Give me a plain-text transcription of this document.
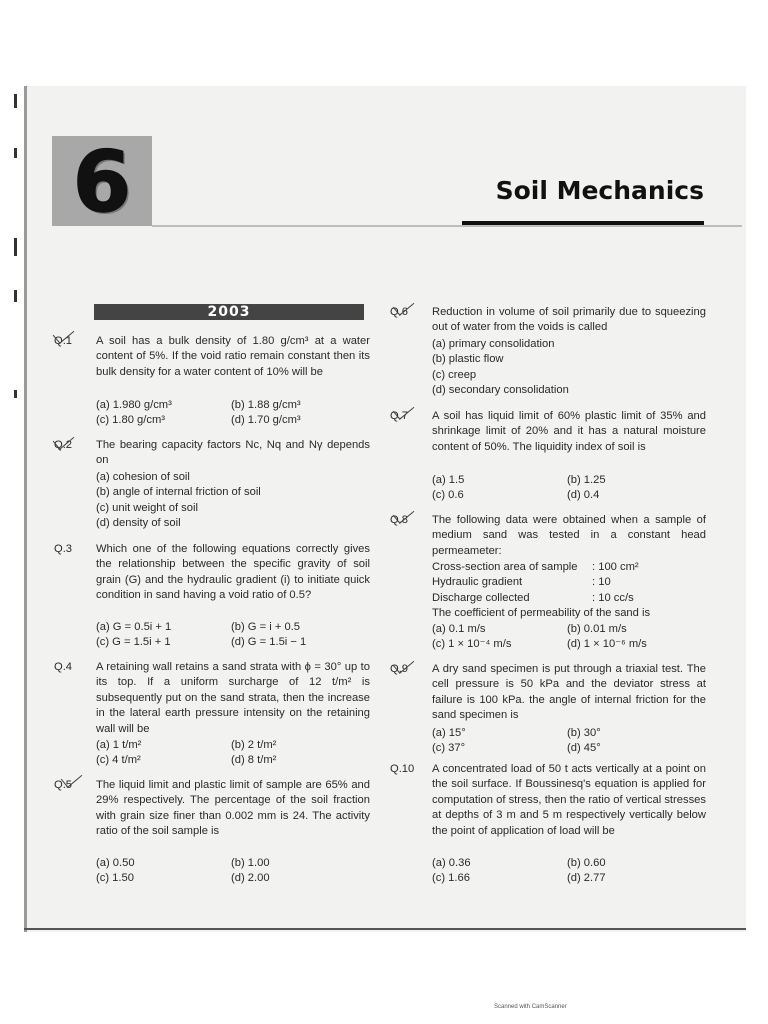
6	Soil Mechanics
2003
Q.1 A soil has a bulk density of 1.80 g/cm³ at a water content of 5%. If the void ratio remain constant then its bulk density for a water content of 10% will be
(a) 1.980 g/cm³	(b) 1.88 g/cm³
(c) 1.80 g/cm³	(d) 1.70 g/cm³
Q.2 The bearing capacity factors Nc, Nq and Nγ depends on
(a) cohesion of soil
(b) angle of internal friction of soil
(c) unit weight of soil
(d) density of soil
Q.3 Which one of the following equations correctly gives the relationship between the specific gravity of soil grain (G) and the hydraulic gradient (i) to initiate quick condition in sand having a void ratio of 0.5?
(a) G = 0.5i + 1	(b) G = i + 0.5
(c) G = 1.5i + 1	(d) G = 1.5i − 1
Q.4 A retaining wall retains a sand strata with ϕ = 30° up to its top. If a uniform surcharge of 12 t/m² is subsequently put on the sand strata, then the increase in the lateral earth pressure intensity on the retaining wall will be
(a) 1 t/m²	(b) 2 t/m²
(c) 4 t/m²	(d) 8 t/m²
Q.5 The liquid limit and plastic limit of sample are 65% and 29% respectively. The percentage of the soil fraction with grain size finer than 0.002 mm is 24. The activity ratio of the soil sample is
(a) 0.50	(b) 1.00
(c) 1.50	(d) 2.00
Q.6 Reduction in volume of soil primarily due to squeezing out of water from the voids is called
(a) primary consolidation
(b) plastic flow
(c) creep
(d) secondary consolidation
Q.7 A soil has liquid limit of 60% plastic limit of 35% and shrinkage limit of 20% and it has a natural moisture content of 50%. The liquidity index of soil is
(a) 1.5	(b) 1.25
(c) 0.6	(d) 0.4
Q.8 The following data were obtained when a sample of medium sand was tested in a constant head permeameter:
Cross-section area of sample	: 100 cm²
Hydraulic gradient	: 10
Discharge collected	: 10 cc/s
The coefficient of permeability of the sand is
(a) 0.1 m/s	(b) 0.01 m/s
(c) 1 × 10⁻⁴ m/s	(d) 1 × 10⁻⁶ m/s
Q.9 A dry sand specimen is put through a triaxial test. The cell pressure is 50 kPa and the deviator stress at failure is 100 kPa. the angle of internal friction for the sand specimen is
(a) 15°	(b) 30°
(c) 37°	(d) 45°
Q.10 A concentrated load of 50 t acts vertically at a point on the soil surface. If Boussinesq's equation is applied for computation of stress, then the ratio of vertical stresses at depths of 3 m and 5 m respectively vertically below the point of application of load will be
(a) 0.36	(b) 0.60
(c) 1.66	(d) 2.77
Scanned with CamScanner
